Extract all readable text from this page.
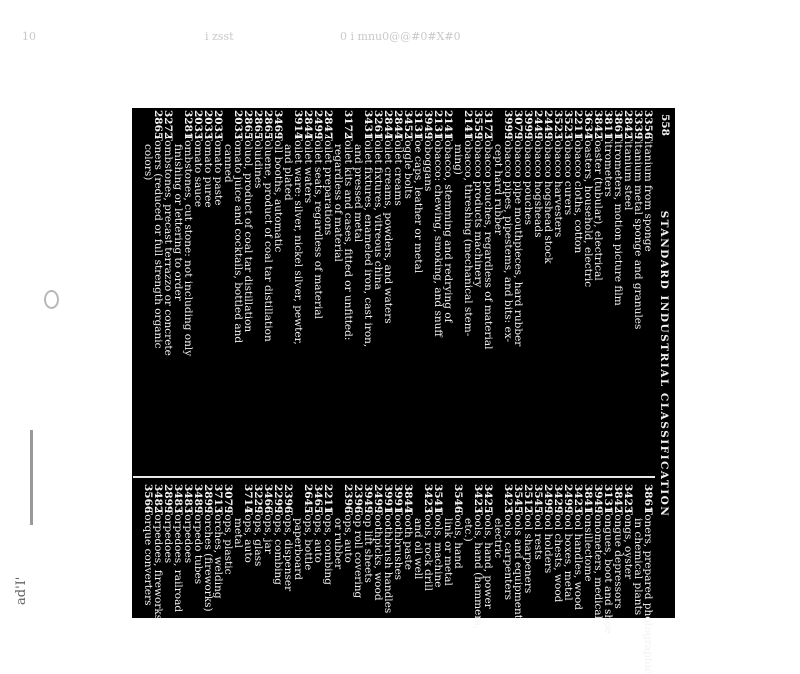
10	i zsst	0 i mnu0@@#0#X#0
ad'I'
558
STANDARD INDUSTRIAL CLASSIFICATION
3356
Titanium from sponge
3339
Titanium metal sponge and granules
2842
Titanium steel
3861
Titrometers, motion picture film
3811
Titrometers
3842
Toaster (tubular), electrical
3634
Toasters, household, electric
2211
Tobacco cloths, cotton
3523
Tobacco curers
3523
Tobacco harvesters
2449
Tobacco hogshead stock
2449
Tobacco hogsheads
3999
Tobacco pouches
3079
Tobacco pipe mouthpieces, hard rubber
3999
Tobacco pipes, pipestems, and bits: ex-
cept hard rubber
3172
Tobacco pouches, regardless of material
3559
Tobacco products machinery
2141
Tobacco, threshing (mechanical stem-
ming)
2141
Tobacco, stemming and redrying of
2131
Tobacco: chewing, smoking, and snuff
3949
Toboggans
3131
Toe caps, leather or metal
3452
Toggle bolts
2844
Toilet creams
2844
Toilet creams, powders, and waters
3261
Toilet fixtures, vitreous china
3431
Toilet fixtures, enameled iron, cast iron,
and pressed metal
3172
Toilet kits and cases, fitted or unfitted:
regardless of material
2847
Toilet preparations
2499
Toilet seats, regardless of material
2844
Toilet waters
3914
Toilet ware: silver, nickel silver, pewter,
and plated
3469
Toll booths, automatic
2865
Toluene, product of coal tar distillation
2865
Toluidines
2865
Toluol, product of coal tar distillation
2033
Tomato juice and cocktails, bottled and
canned
2033
Tomato paste
2033
Tomato puree
2033
Tomato sauce
3281
Tombstones, cut stone: not including only
finishing or lettering to order
3272
Tombstones, precast terrazzo or concrete
2865
Toners (reduced or full strength organic
colors)
3861
Toners, prepared photographic
in chemical plants
3423
Tongs, oyster
3842
Tongue depressors
3131
Tongues, boot and shoe
3949
Tonometers, medical
3841
Tonsillectome
3423
Tool handles, wood
2499
Tool boxes, metal
3429
Tool chests, wood
2499
Tool holders
3545
Tool rests
2512
Tool sharpeners
3545
Tools and equipment
3423
Tools, carpenters
electric
3425
Tools, hand, power
3423
Tools, hand (hammers,
etc.)
3546
Tools, hand
link or metal
3541
Tools, machine
3423
Tools, rock drill
and oil well
3844
Tooth paste
3991
Toothbrushes
3991
Toothbrush handles
2499
Toothpicks, wood
3949
Top lift sheets
2396
Top roll covering
2396
Tops, auto
or rubber
2211
Tops, combing
3465
Tops, auto
2645
Tops, bottle
paperboard
2396
Tops, dispenser
2299
Tops, combing
3466
Tops, jar
3229
Tops, glass
3714
Tops, auto
metal
3079
Tops, plastic
3713
Torches, welding
2899
Torches (fireworks)
3489
Torpedo tubes
3483
Torpedoes
3483
Torpedoes, railroad
2899
Torpedoes
3482
Torpedoes, fireworks
3566
Torque converters
